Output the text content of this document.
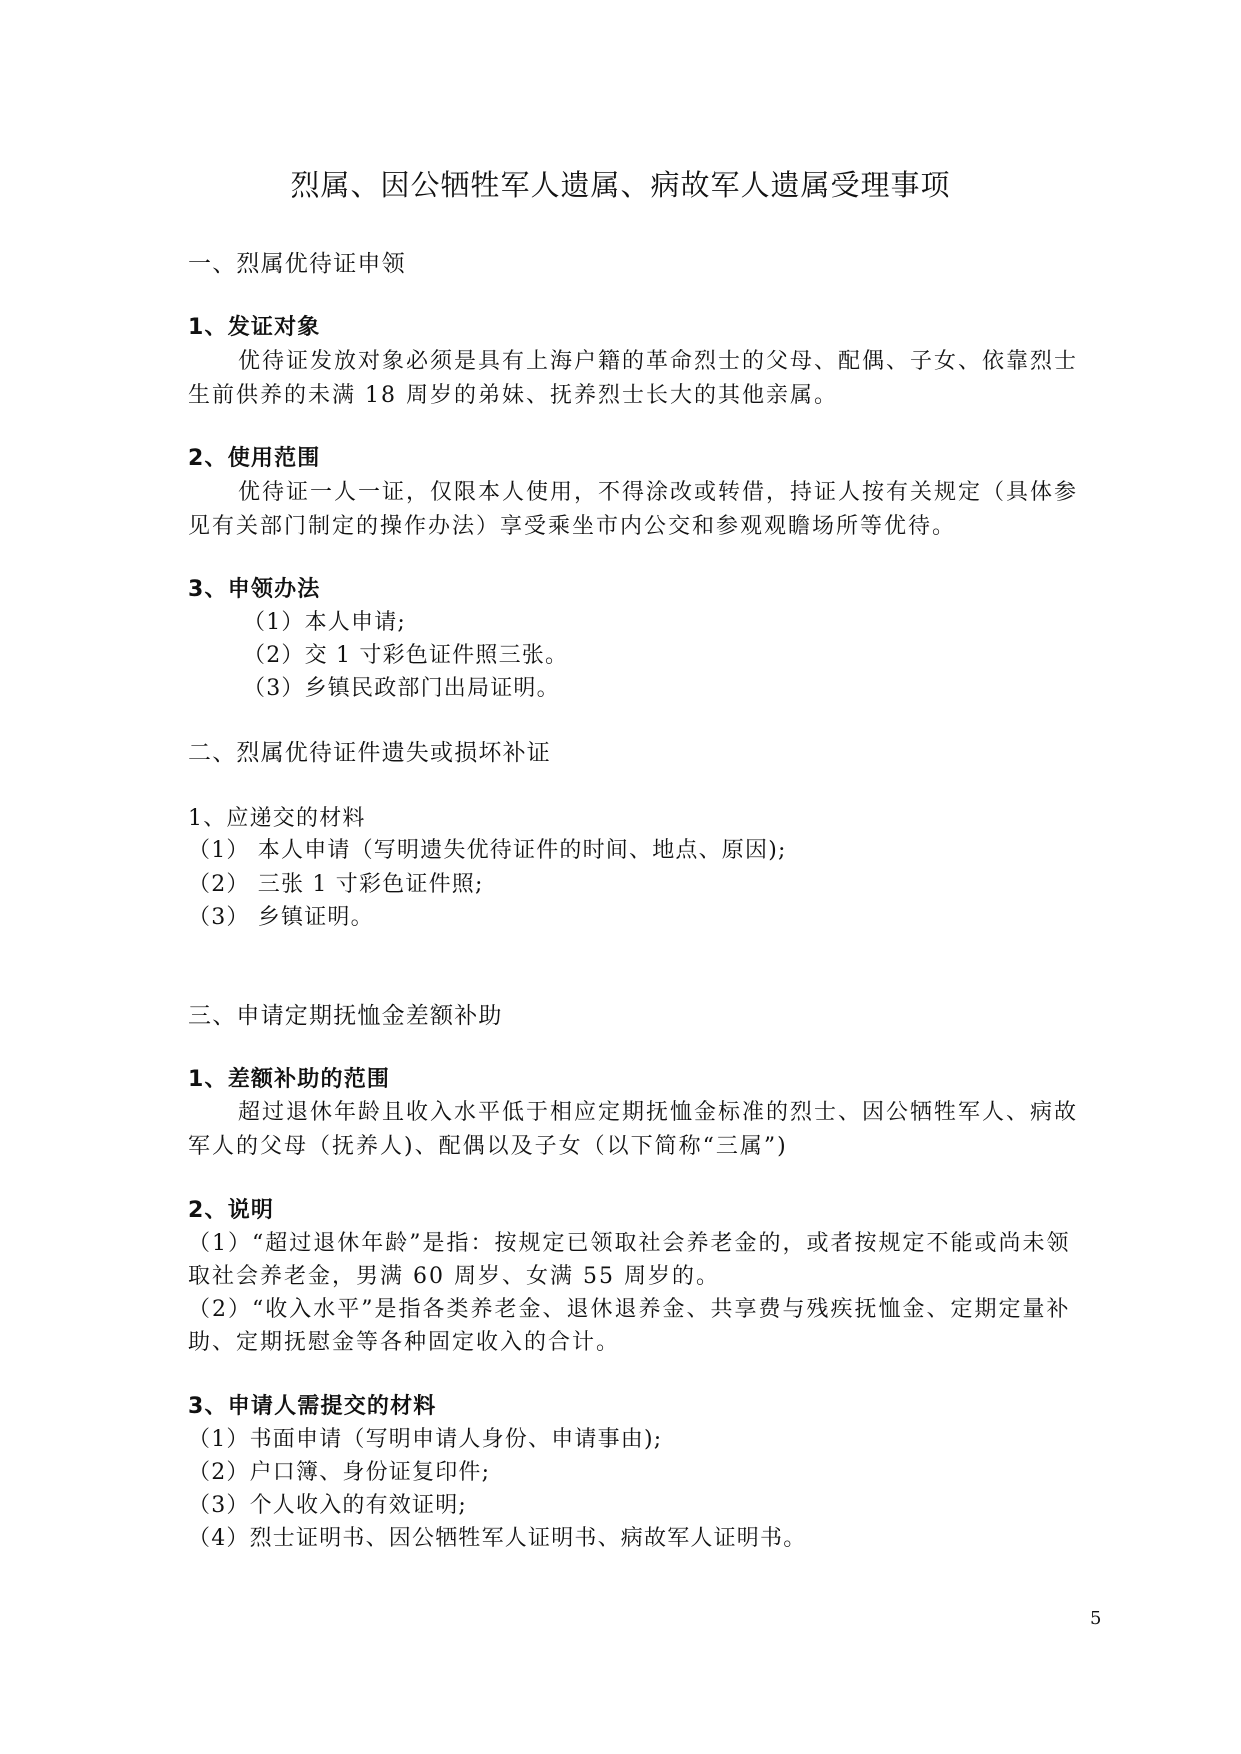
烈属、因公牺牲军人遗属、病故军人遗属受理事项
一、烈属优待证申领
1、发证对象
优待证发放对象必须是具有上海户籍的革命烈士的父母、配偶、子女、依靠烈士
生前供养的未满 18 周岁的弟妹、抚养烈士长大的其他亲属。
2、使用范围
优待证一人一证，仅限本人使用，不得涂改或转借，持证人按有关规定（具体参
见有关部门制定的操作办法）享受乘坐市内公交和参观观瞻场所等优待。
3、申领办法
（1）本人申请;
（2）交 1 寸彩色证件照三张。
（3）乡镇民政部门出局证明。
二、烈属优待证件遗失或损坏补证
1、应递交的材料
（1） 本人申请（写明遗失优待证件的时间、地点、原因);
（2） 三张 1 寸彩色证件照;
（3） 乡镇证明。
三、申请定期抚恤金差额补助
1、差额补助的范围
超过退休年龄且收入水平低于相应定期抚恤金标准的烈士、因公牺牲军人、病故
军人的父母（抚养人)、配偶以及子女（以下简称“三属”)
2、说明
（1）“超过退休年龄”是指：按规定已领取社会养老金的，或者按规定不能或尚未领
取社会养老金，男满 60 周岁、女满 55 周岁的。
（2）“收入水平”是指各类养老金、退休退养金、共享费与残疾抚恤金、定期定量补
助、定期抚慰金等各种固定收入的合计。
3、申请人需提交的材料
（1）书面申请（写明申请人身份、申请事由);
（2）户口簿、身份证复印件;
（3）个人收入的有效证明;
（4）烈士证明书、因公牺牲军人证明书、病故军人证明书。
5
